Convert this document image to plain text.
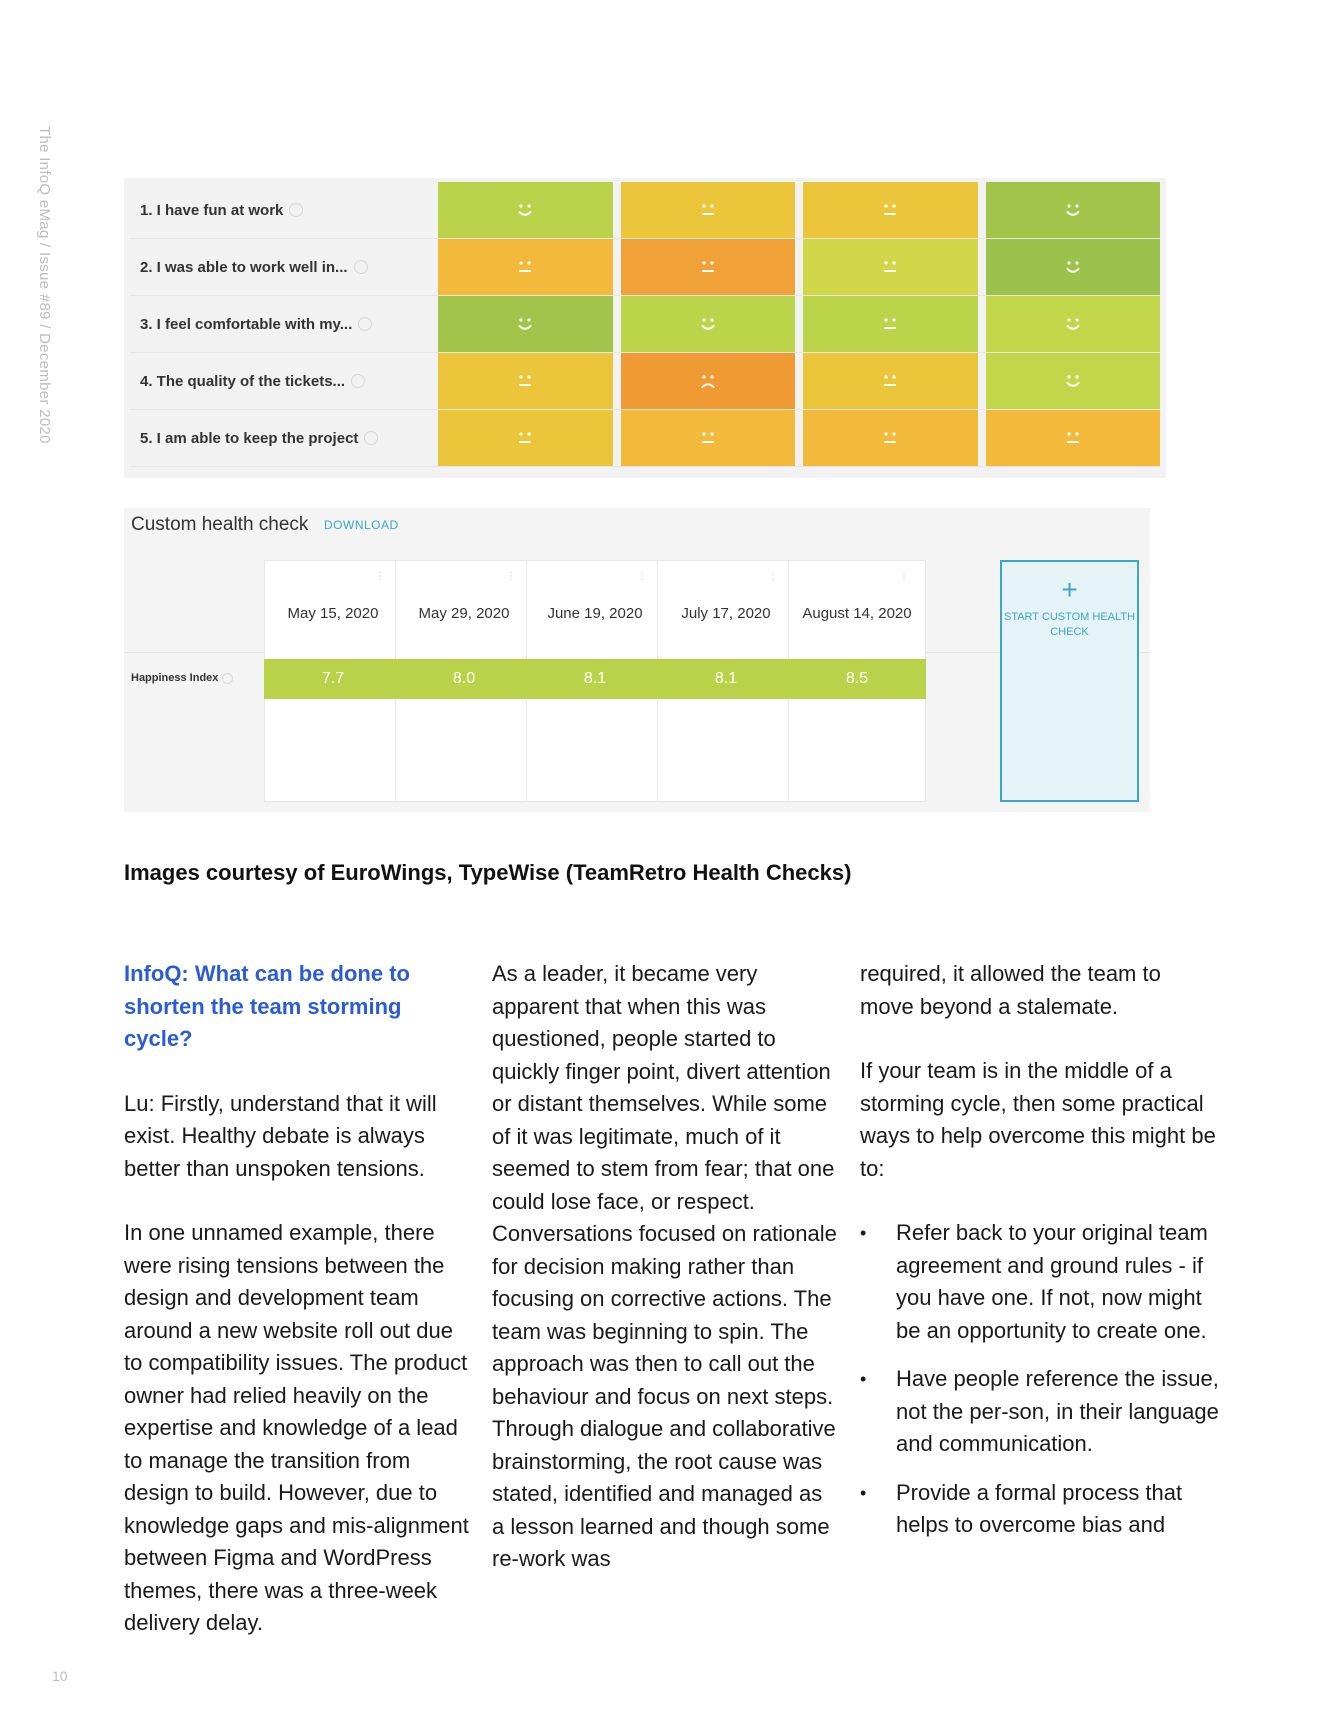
The InfoQ eMag / Issue #89 / December 2020	1. I have fun at work
2. I was able to work well in...
3. I feel comfortable with my...
4. The quality of the tickets...
5. I am able to keep the project
Custom health check DOWNLOAD
Happiness Index
+
START CUSTOM HEALTH CHECK
⋮
May 15, 2020
7.7
⋮
May 29, 2020
8.0
⋮
June 19, 2020
8.1
⋮
July 17, 2020
8.1
⋮
August 14, 2020
8.5
Images courtesy of EuroWings, TypeWise (TeamRetro Health Checks)

InfoQ: What can be done to shorten the team storming cycle?

Lu: Firstly, understand that it will exist. Healthy debate is always better than unspoken tensions.

In one unnamed example, there were rising tensions between the design and development team around a new website roll out due to compatibility issues. The product owner had relied heavily on the expertise and knowledge of a lead to manage the transition from design to build. However, due to knowledge gaps and mis-alignment between Figma and WordPress themes, there was a three-week delivery delay.

As a leader, it became very apparent that when this was questioned, people started to quickly finger point, divert attention or distant themselves. While some of it was legitimate, much of it seemed to stem from fear; that one could lose face, or respect. Conversations focused on rationale for decision making rather than focusing on corrective actions. The team was beginning to spin. The approach was then to call out the behaviour and focus on next steps. Through dialogue and collaborative brainstorming, the root cause was stated, identified and managed as a lesson learned and though some re-work was

required, it allowed the team to move beyond a stalemate.

If your team is in the middle of a storming cycle, then some practical ways to help overcome this might be to:

• Refer back to your original team agreement and ground rules - if you have one. If not, now might be an opportunity to create one.
• Have people reference the issue, not the per-son, in their language and communication.
• Provide a formal process that helps to overcome bias and
10
